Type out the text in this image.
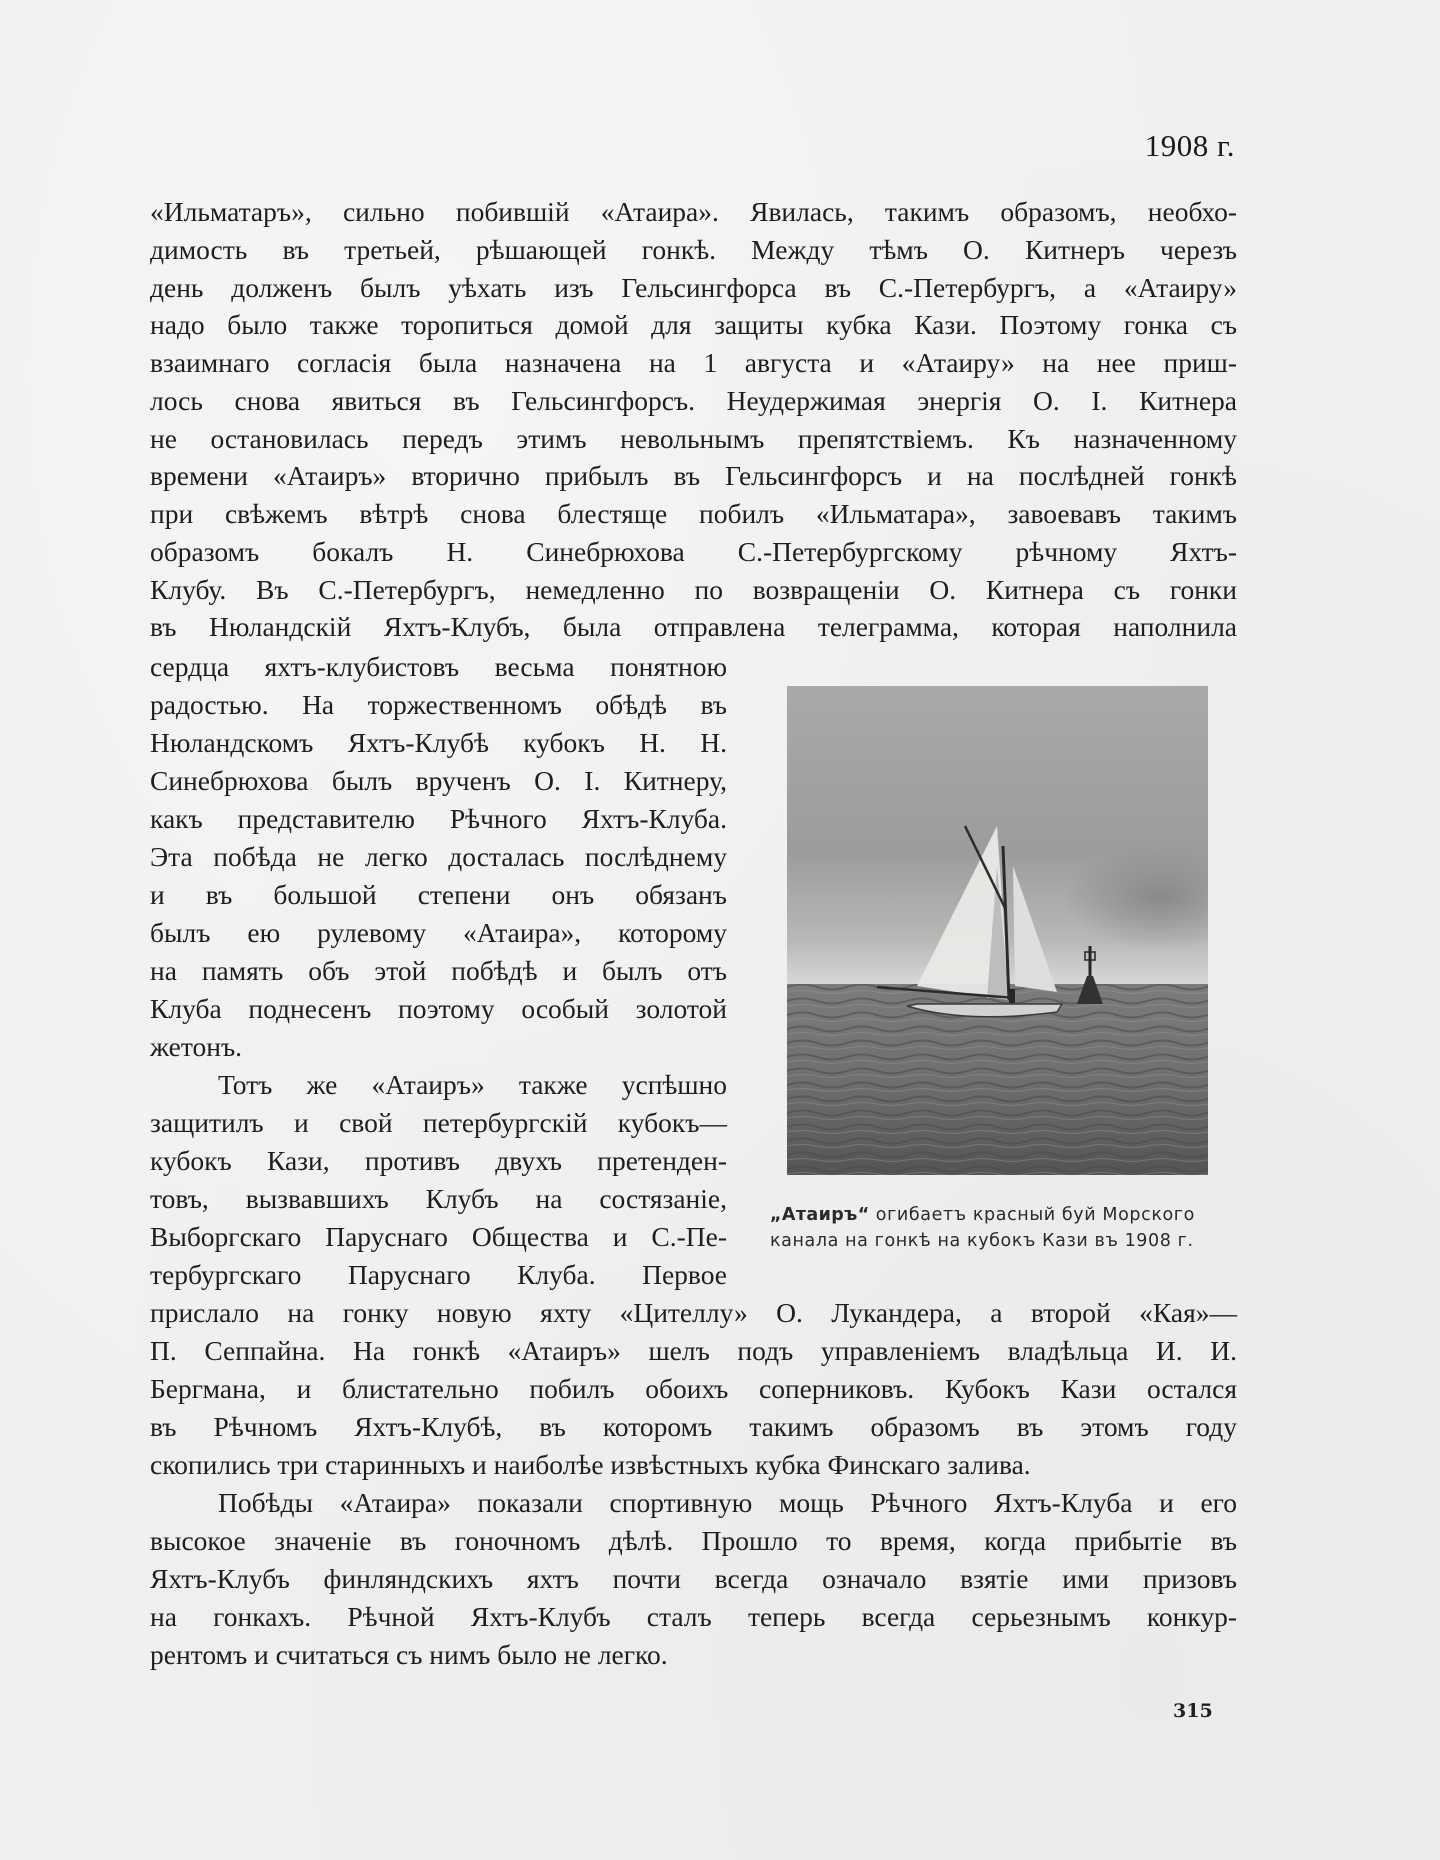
1908 г.
«Ильматаръ», сильно побившій «Атаира». Явилась, такимъ образомъ, необхо-
димость въ третьей, рѣшающей гонкѣ. Между тѣмъ О. Китнеръ черезъ
день долженъ былъ уѣхать изъ Гельсингфорса въ С.-Петербургъ, а «Атаиру»
надо было также торопиться домой для защиты кубка Кази. Поэтому гонка съ
взаимнаго согласія была назначена на 1 августа и «Атаиру» на нее приш-
лось снова явиться въ Гельсингфорсъ. Неудержимая энергія О. І. Китнера
не остановилась передъ этимъ невольнымъ препятствіемъ. Къ назначенному
времени «Атаиръ» вторично прибылъ въ Гельсингфорсъ и на послѣдней гонкѣ
при свѣжемъ вѣтрѣ снова блестяще побилъ «Ильматара», завоевавъ такимъ
образомъ бокалъ Н. Синебрюхова С.-Петербургскому рѣчному Яхтъ-
Клубу. Въ С.-Петербургъ, немедленно по возвращеніи О. Китнера съ гонки
въ Нюландскій Яхтъ-Клубъ, была отправлена телеграмма, которая наполнила
сердца яхтъ-клубистовъ весьма понятною
радостью. На торжественномъ обѣдѣ въ
Нюландскомъ Яхтъ-Клубѣ кубокъ Н. Н.
Синебрюхова былъ врученъ О. І. Китнеру,
какъ представителю Рѣчного Яхтъ-Клуба.
Эта побѣда не легко досталась послѣднему
и въ большой степени онъ обязанъ
былъ ею рулевому «Атаира», которому
на память объ этой побѣдѣ и былъ отъ
Клуба поднесенъ поэтому особый золотой
жетонъ.
Тотъ же «Атаиръ» также успѣшно
защитилъ и свой петербургскій кубокъ—
кубокъ Кази, противъ двухъ претенден-
товъ, вызвавшихъ Клубъ на состязаніе,
Выборгскаго Паруснаго Общества и С.-Пе-
тербургскаго Паруснаго Клуба. Первое
прислало на гонку новую яхту «Цителлу» О. Лукандера, а второй «Кая»—
П. Сеппайна. На гонкѣ «Атаиръ» шелъ подъ управленіемъ владѣльца И. И.
Бергмана, и блистательно побилъ обоихъ соперниковъ. Кубокъ Кази остался
въ Рѣчномъ Яхтъ-Клубѣ, въ которомъ такимъ образомъ въ этомъ году
скопились три старинныхъ и наиболѣе извѣстныхъ кубка Финскаго залива.
Побѣды «Атаира» показали спортивную мощь Рѣчного Яхтъ-Клуба и его
высокое значеніе въ гоночномъ дѣлѣ. Прошло то время, когда прибытіе въ
Яхтъ-Клубъ финляндскихъ яхтъ почти всегда означало взятіе ими призовъ
на гонкахъ. Рѣчной Яхтъ-Клубъ сталъ теперь всегда серьезнымъ конкур-
рентомъ и считаться съ нимъ было не легко.
„Атаиръ“ огибаетъ красный буй Морского
канала на гонкѣ на кубокъ Кази въ 1908 г.
315
